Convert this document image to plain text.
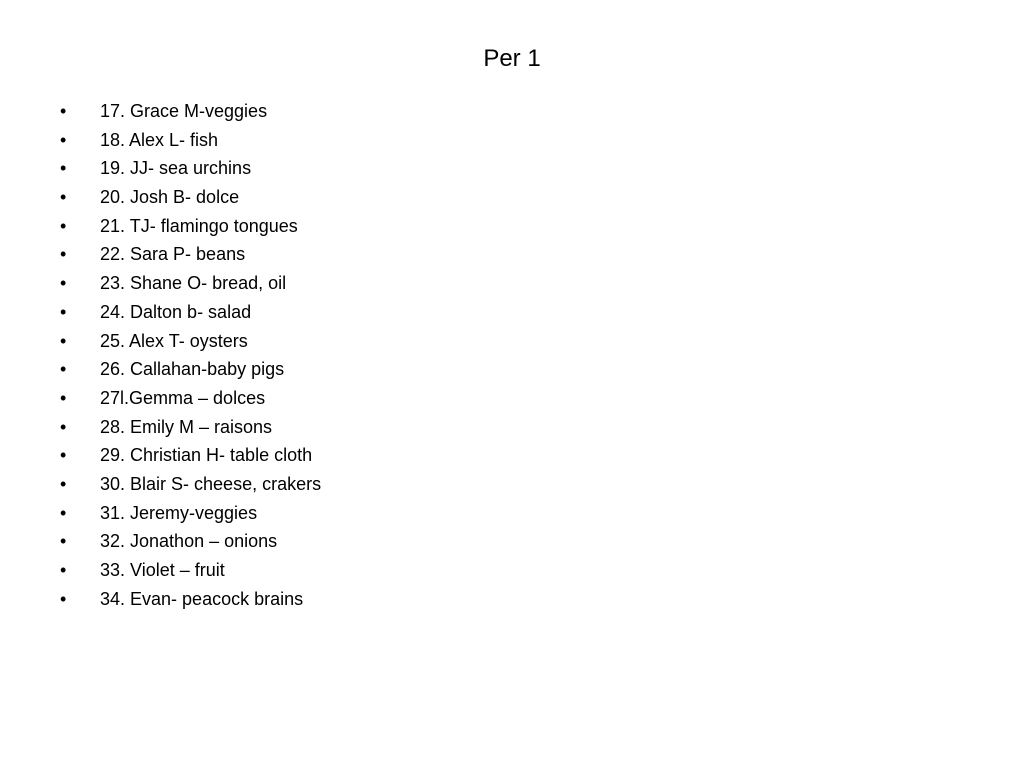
Per 1
• 17. Grace M-veggies
• 18. Alex L- fish
• 19. JJ- sea urchins
• 20. Josh B- dolce
• 21. TJ- flamingo tongues
• 22. Sara P- beans
• 23. Shane O- bread, oil
• 24. Dalton b- salad
• 25. Alex T- oysters
• 26. Callahan-baby pigs
• 27l.Gemma – dolces
• 28. Emily M – raisons
• 29. Christian H- table cloth
• 30. Blair S- cheese, crakers
• 31. Jeremy-veggies
• 32. Jonathon – onions
• 33. Violet – fruit
• 34. Evan- peacock brains
